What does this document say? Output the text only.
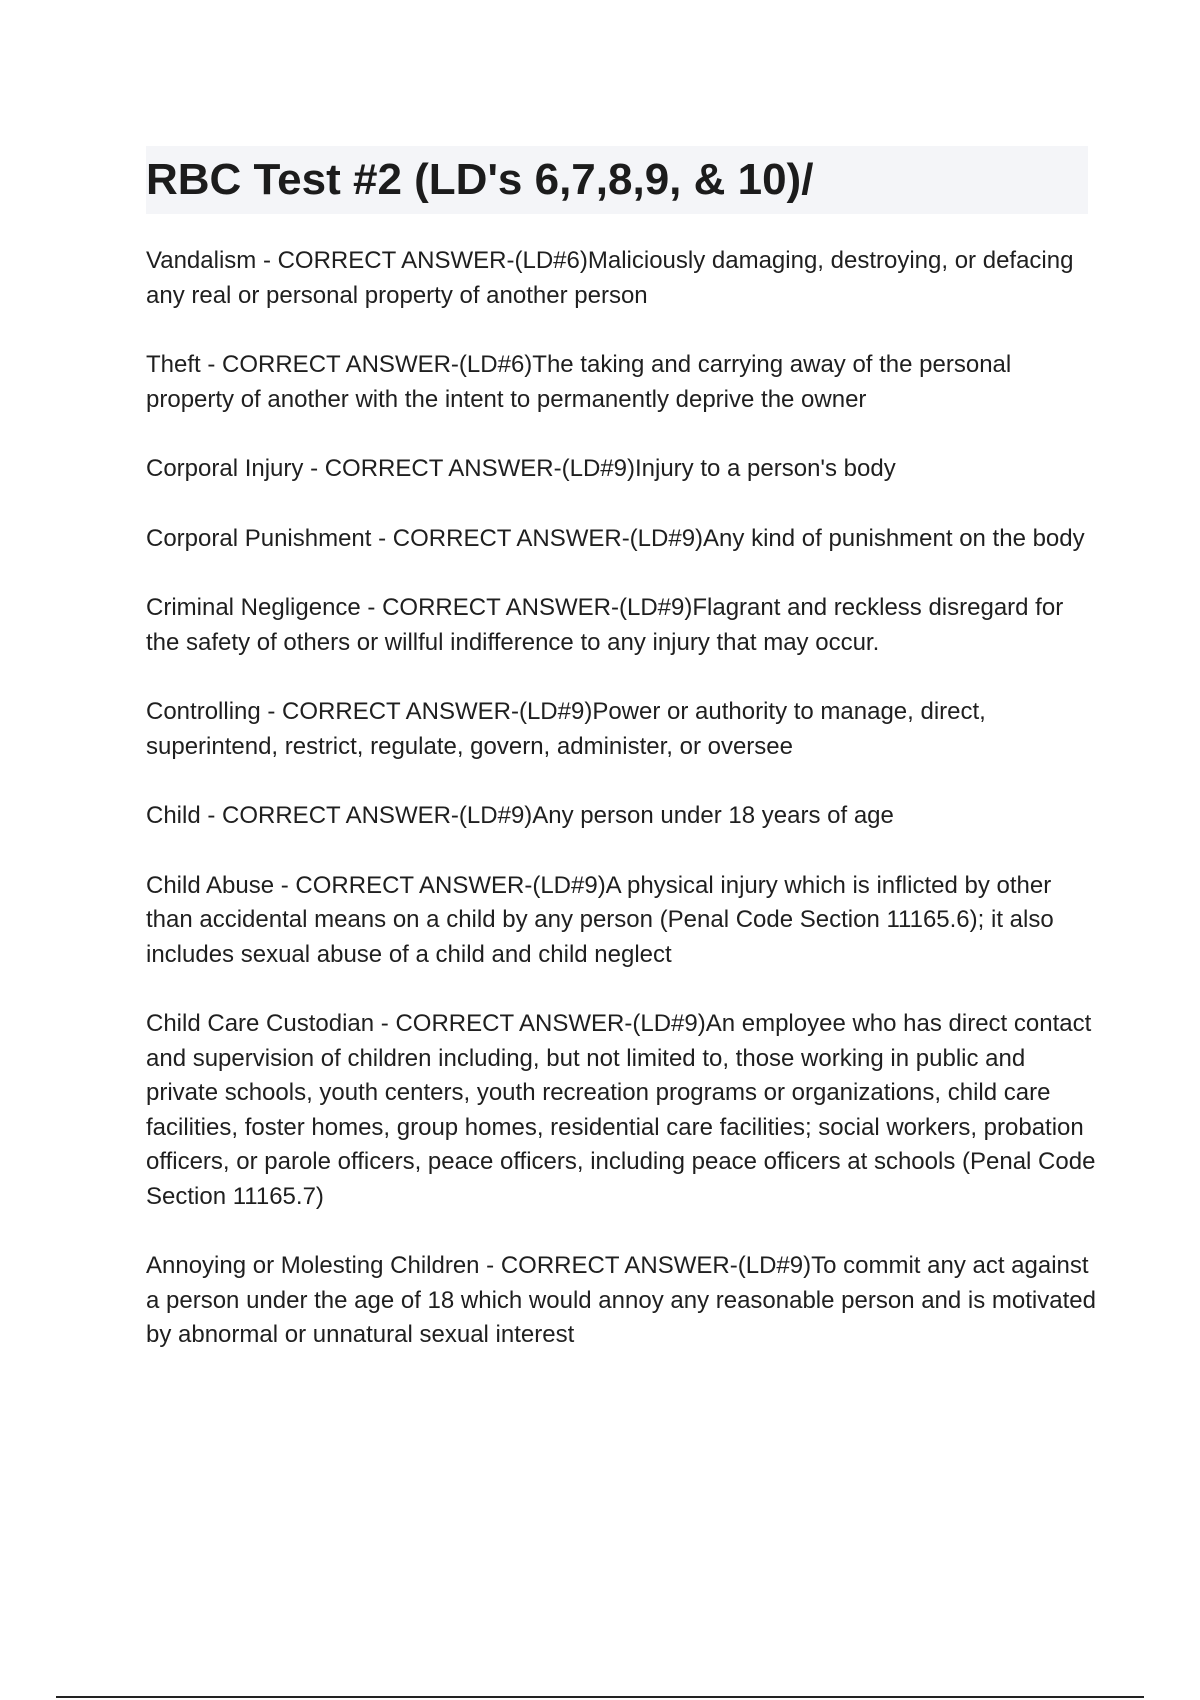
RBC Test #2 (LD's 6,7,8,9, & 10)/

Vandalism - CORRECT ANSWER-(LD#6)Maliciously damaging, destroying, or defacing any real or personal property of another person

Theft - CORRECT ANSWER-(LD#6)The taking and carrying away of the personal property of another with the intent to permanently deprive the owner

Corporal Injury - CORRECT ANSWER-(LD#9)Injury to a person's body

Corporal Punishment - CORRECT ANSWER-(LD#9)Any kind of punishment on the body

Criminal Negligence - CORRECT ANSWER-(LD#9)Flagrant and reckless disregard for the safety of others or willful indifference to any injury that may occur.

Controlling - CORRECT ANSWER-(LD#9)Power or authority to manage, direct, superintend, restrict, regulate, govern, administer, or oversee

Child - CORRECT ANSWER-(LD#9)Any person under 18 years of age

Child Abuse - CORRECT ANSWER-(LD#9)A physical injury which is inflicted by other than accidental means on a child by any person (Penal Code Section 11165.6); it also includes sexual abuse of a child and child neglect

Child Care Custodian - CORRECT ANSWER-(LD#9)An employee who has direct contact and supervision of children including, but not limited to, those working in public and private schools, youth centers, youth recreation programs or organizations, child care facilities, foster homes, group homes, residential care facilities; social workers, probation officers, or parole officers, peace officers, including peace officers at schools (Penal Code Section 11165.7)

Annoying or Molesting Children - CORRECT ANSWER-(LD#9)To commit any act against a person under the age of 18 which would annoy any reasonable person and is motivated by abnormal or unnatural sexual interest
